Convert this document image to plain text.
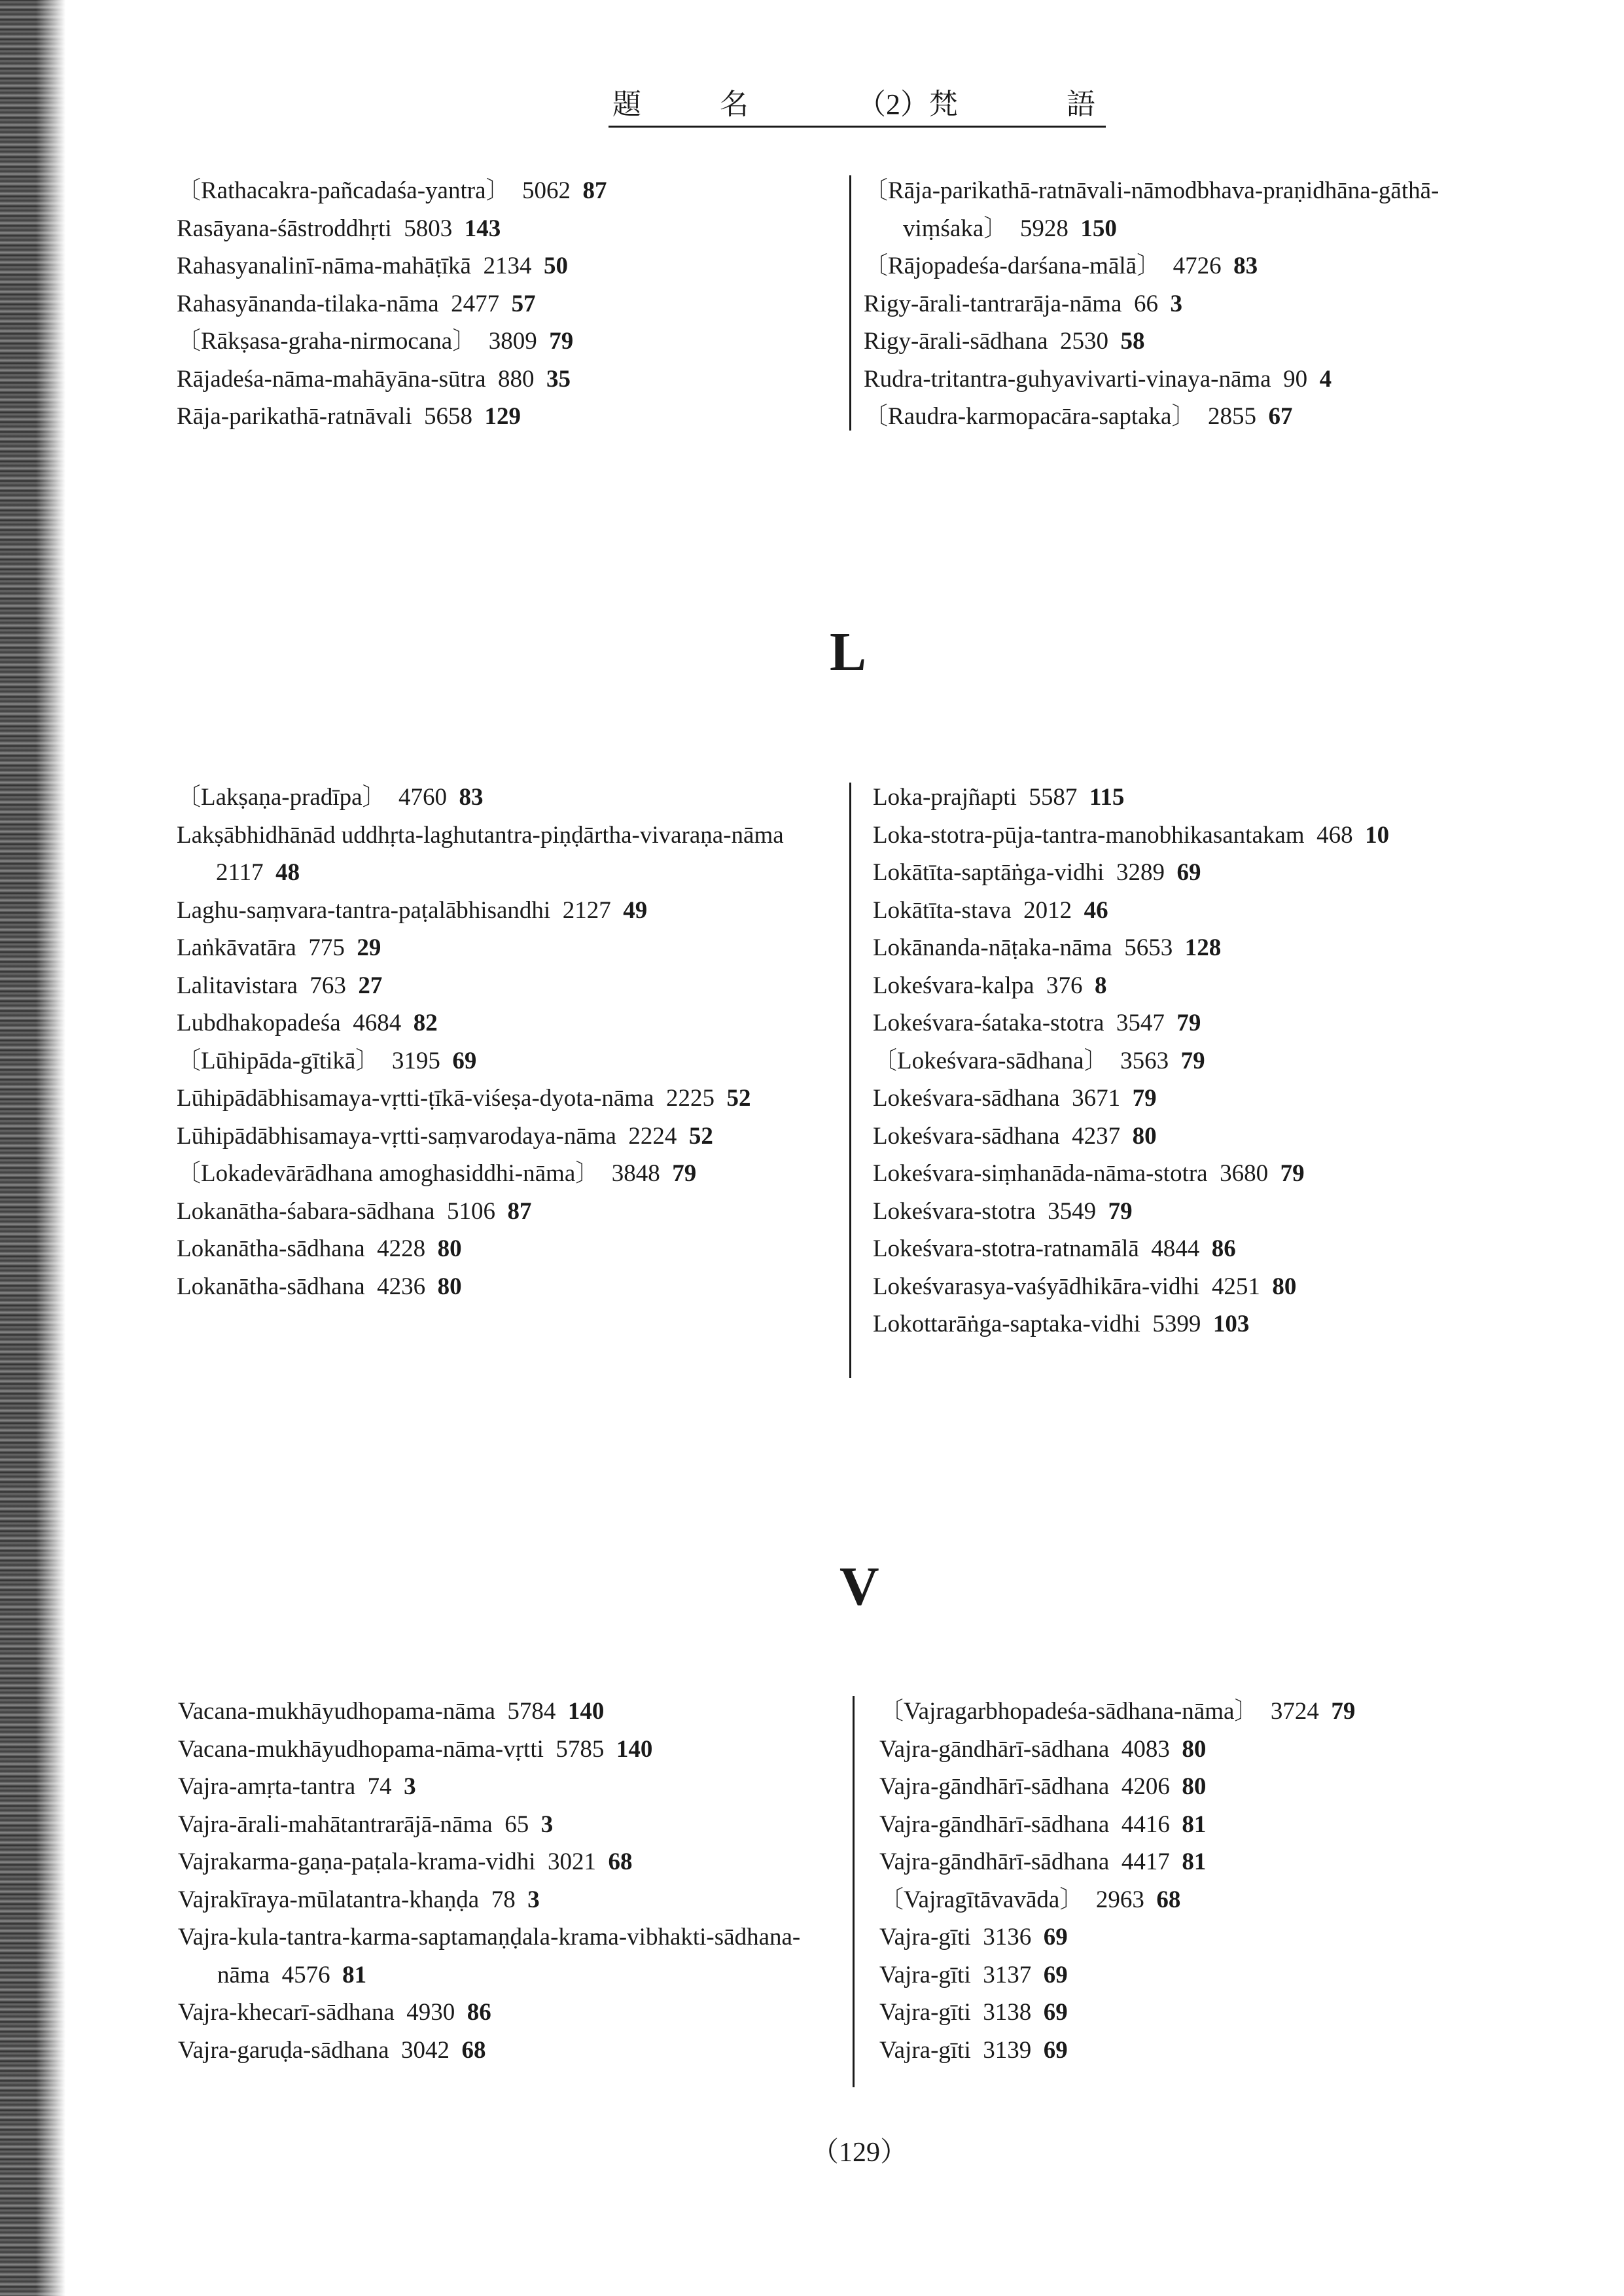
題	名	（2）梵	語
〔Rathacakra-pañcadaśa-yantra〕  5062  87
Rasāyana-śāstroddhṛti  5803  143
Rahasyanalinī-nāma-mahāṭīkā  2134  50
Rahasyānanda-tilaka-nāma  2477  57
〔Rākṣasa-graha-nirmocana〕  3809  79
Rājadeśa-nāma-mahāyāna-sūtra  880  35
Rāja-parikathā-ratnāvali  5658  129
〔Rāja-parikathā-ratnāvali-nāmodbhava-praṇidhāna-gāthā-viṃśaka〕  5928  150
〔Rājopadeśa-darśana-mālā〕  4726  83
Rigy-ārali-tantrarāja-nāma  66  3
Rigy-ārali-sādhana  2530  58
Rudra-tritantra-guhyavivarti-vinaya-nāma  90  4
〔Raudra-karmopacāra-saptaka〕  2855  67
L
〔Lakṣaṇa-pradīpa〕  4760  83
Lakṣābhidhānād uddhṛta-laghutantra-piṇḍārtha-vivaraṇa-nāma 2117  48
Laghu-saṃvara-tantra-paṭalābhisandhi  2127  49
Laṅkāvatāra  775  29
Lalitavistara  763  27
Lubdhakopadeśa  4684  82
〔Lūhipāda-gītikā〕  3195  69
Lūhipādābhisamaya-vṛtti-ṭīkā-viśeṣa-dyota-nāma  2225  52
Lūhipādābhisamaya-vṛtti-saṃvarodaya-nāma  2224  52
〔Lokadevārādhana amoghasiddhi-nāma〕  3848  79
Lokanātha-śabara-sādhana  5106  87
Lokanātha-sādhana  4228  80
Lokanātha-sādhana  4236  80
Loka-prajñapti  5587  115
Loka-stotra-pūja-tantra-manobhikasantakam  468  10
Lokātīta-saptāṅga-vidhi  3289  69
Lokātīta-stava  2012  46
Lokānanda-nāṭaka-nāma  5653  128
Lokeśvara-kalpa  376  8
Lokeśvara-śataka-stotra  3547  79
〔Lokeśvara-sādhana〕  3563  79
Lokeśvara-sādhana  3671  79
Lokeśvara-sādhana  4237  80
Lokeśvara-siṃhanāda-nāma-stotra  3680  79
Lokeśvara-stotra  3549  79
Lokeśvara-stotra-ratnamālā  4844  86
Lokeśvarasya-vaśyādhikāra-vidhi  4251  80
Lokottarāṅga-saptaka-vidhi  5399  103
V
Vacana-mukhāyudhopama-nāma  5784  140
Vacana-mukhāyudhopama-nāma-vṛtti  5785  140
Vajra-amṛta-tantra  74  3
Vajra-ārali-mahātantrarājā-nāma  65  3
Vajrakarma-gaṇa-paṭala-krama-vidhi  3021  68
Vajrakīraya-mūlatantra-khaṇḍa  78  3
Vajra-kula-tantra-karma-saptamaṇḍala-krama-vibhakti-sādhana-nāma  4576  81
Vajra-khecarī-sādhana  4930  86
Vajra-garuḍa-sādhana  3042  68
〔Vajragarbhopadeśa-sādhana-nāma〕  3724  79
Vajra-gāndhārī-sādhana  4083  80
Vajra-gāndhārī-sādhana  4206  80
Vajra-gāndhārī-sādhana  4416  81
Vajra-gāndhārī-sādhana  4417  81
〔Vajragītāvavāda〕  2963  68
Vajra-gīti  3136  69
Vajra-gīti  3137  69
Vajra-gīti  3138  69
Vajra-gīti  3139  69
（129）
